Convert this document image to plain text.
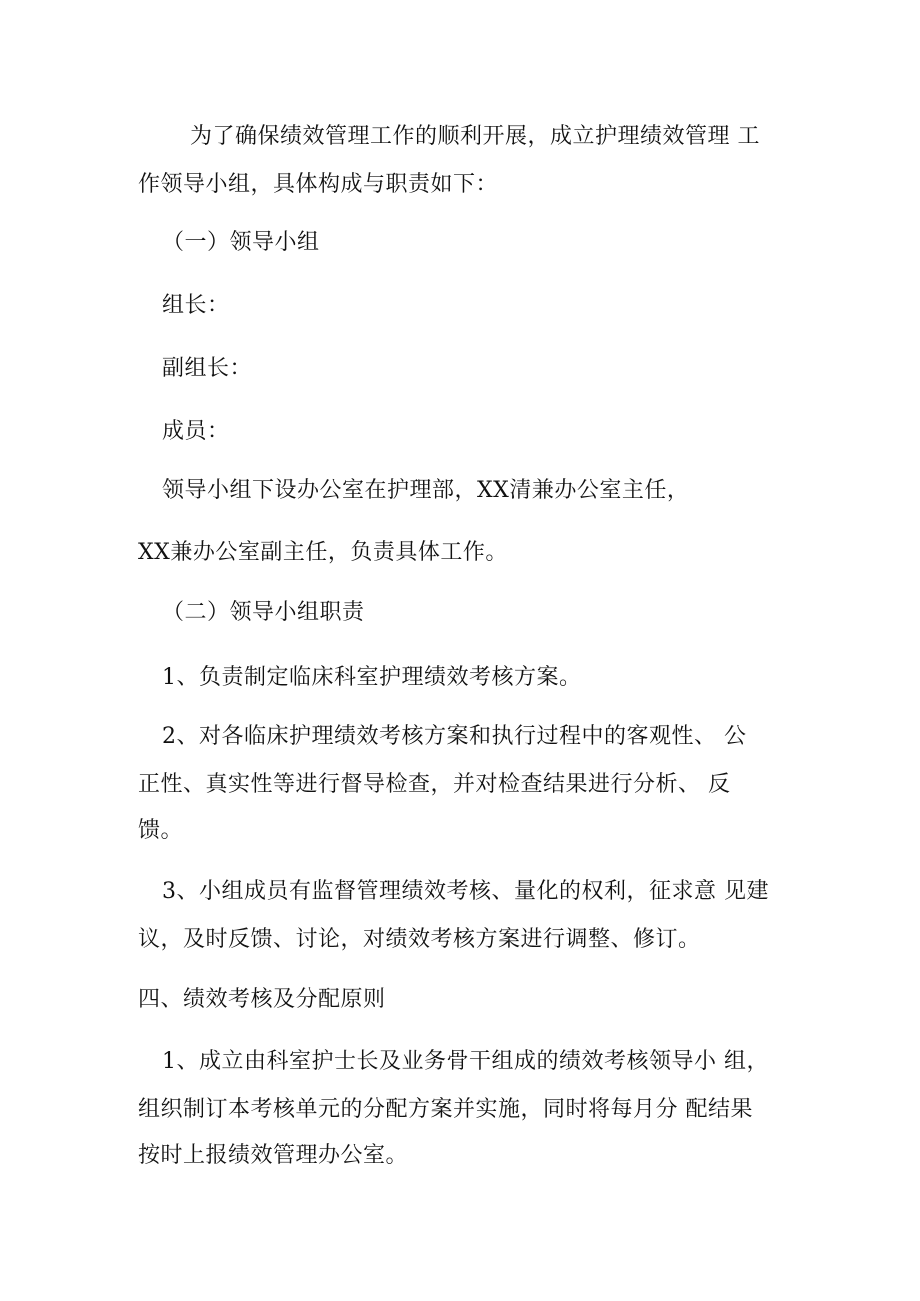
为了确保绩效管理工作的顺利开展，成立护理绩效管理 工
作领导小组，具体构成与职责如下：
（一）领导小组
组长：
副组长：
成员：
领导小组下设办公室在护理部，XX清兼办公室主任，
XX兼办公室副主任，负责具体工作。
（二）领导小组职责
1、负责制定临床科室护理绩效考核方案。
2、对各临床护理绩效考核方案和执行过程中的客观性、 公
正性、真实性等进行督导检查，并对检查结果进行分析、 反
馈。
3、小组成员有监督管理绩效考核、量化的权利，征求意 见建
议，及时反馈、讨论，对绩效考核方案进行调整、修订。
四、绩效考核及分配原则
1、成立由科室护士长及业务骨干组成的绩效考核领导小 组，
组织制订本考核单元的分配方案并实施，同时将每月分 配结果
按时上报绩效管理办公室。
